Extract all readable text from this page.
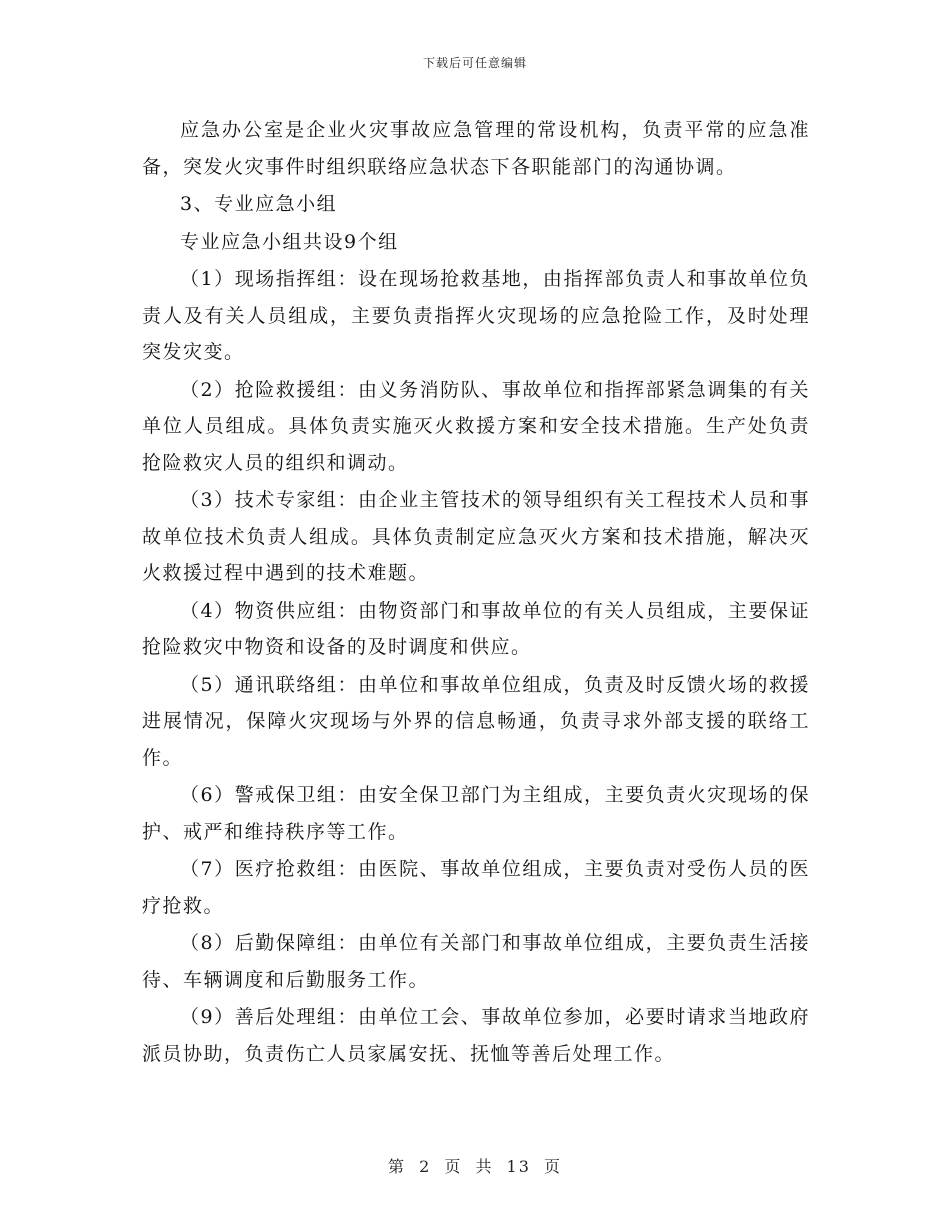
下载后可任意编辑

应急办公室是企业火灾事故应急管理的常设机构，负责平常的应急准备，突发火灾事件时组织联络应急状态下各职能部门的沟通协调。

3、专业应急小组

专业应急小组共设9个组

（1）现场指挥组：设在现场抢救基地，由指挥部负责人和事故单位负责人及有关人员组成，主要负责指挥火灾现场的应急抢险工作，及时处理突发灾变。

（2）抢险救援组：由义务消防队、事故单位和指挥部紧急调集的有关单位人员组成。具体负责实施灭火救援方案和安全技术措施。生产处负责抢险救灾人员的组织和调动。

（3）技术专家组：由企业主管技术的领导组织有关工程技术人员和事故单位技术负责人组成。具体负责制定应急灭火方案和技术措施，解决灭火救援过程中遇到的技术难题。

（4）物资供应组：由物资部门和事故单位的有关人员组成，主要保证抢险救灾中物资和设备的及时调度和供应。

（5）通讯联络组：由单位和事故单位组成，负责及时反馈火场的救援进展情况，保障火灾现场与外界的信息畅通，负责寻求外部支援的联络工作。

（6）警戒保卫组：由安全保卫部门为主组成，主要负责火灾现场的保护、戒严和维持秩序等工作。

（7）医疗抢救组：由医院、事故单位组成，主要负责对受伤人员的医疗抢救。

（8）后勤保障组：由单位有关部门和事故单位组成，主要负责生活接待、车辆调度和后勤服务工作。

（9）善后处理组：由单位工会、事故单位参加，必要时请求当地政府派员协助，负责伤亡人员家属安抚、抚恤等善后处理工作。

第 2 页 共 13 页
